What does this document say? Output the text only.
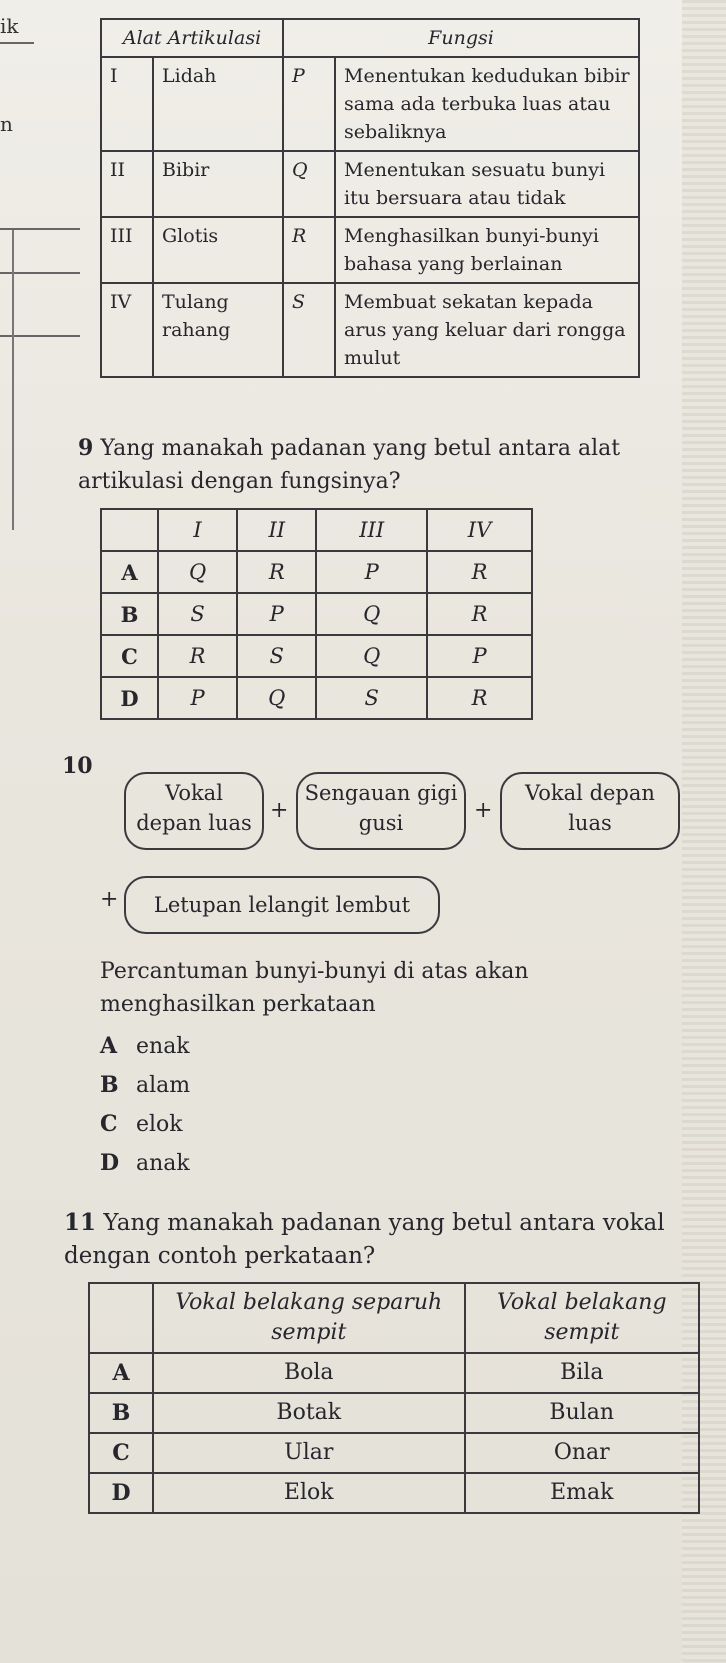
ik
n
Alat Artikulasi		Fungsi	
I	Lidah	P	Menentukan kedudukan bibir sama ada terbuka luas atau sebaliknya
II	Bibir	Q	Menentukan sesuatu bunyi itu bersuara atau tidak
III	Glotis	R	Menghasilkan bunyi-bunyi bahasa yang berlainan
IV	Tulang rahang	S	Membuat sekatan kepada arus yang keluar dari rongga mulut
9 Yang manakah padanan yang betul antara alat artikulasi dengan fungsinya?
	I	II	III	IV
A	Q	R	P	R
B	S	P	Q	R
C	R	S	Q	P
D	P	Q	S	R
10
Vokal depan luas +
Sengauan gigi gusi	+
Vokal depan luas
+	Letupan lelangit lembut
Percantuman bunyi-bunyi di atas akan menghasilkan perkataan
A enak
B alam
C elok
D anak
11 Yang manakah padanan yang betul antara vokal dengan contoh perkataan?
	Vokal belakang separuh sempit	Vokal belakang sempit
A	Bola	Bila
B	Botak	Bulan
C	Ular	Onar
D	Elok	Emak
